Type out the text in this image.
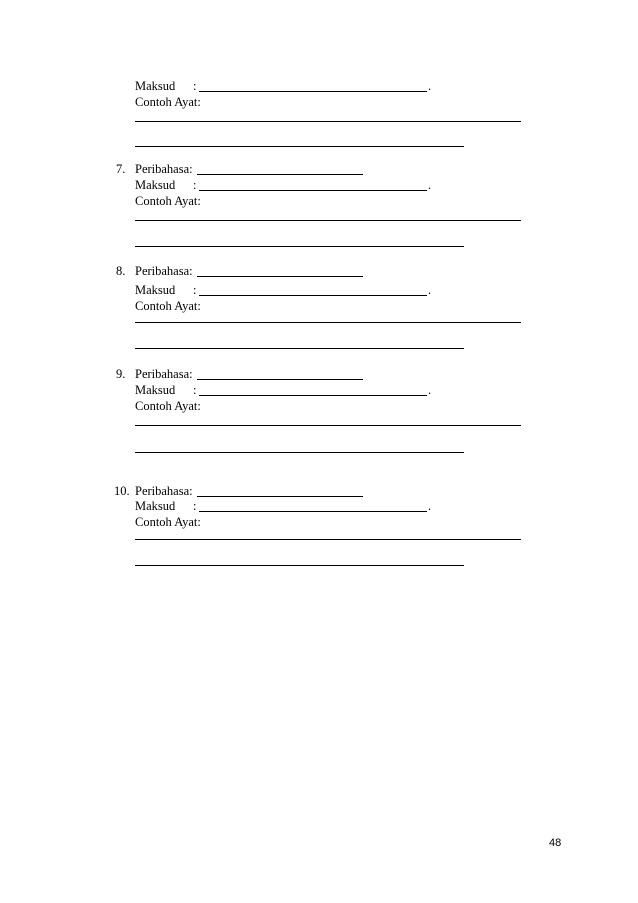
Maksud :	.
Contoh Ayat:
7. Peribahasa:
Maksud :	.
Contoh Ayat:
8. Peribahasa:
Maksud :	.
Contoh Ayat:
9. Peribahasa:
Maksud :	.
Contoh Ayat:
10. Peribahasa:
Maksud :	.
Contoh Ayat:
48
